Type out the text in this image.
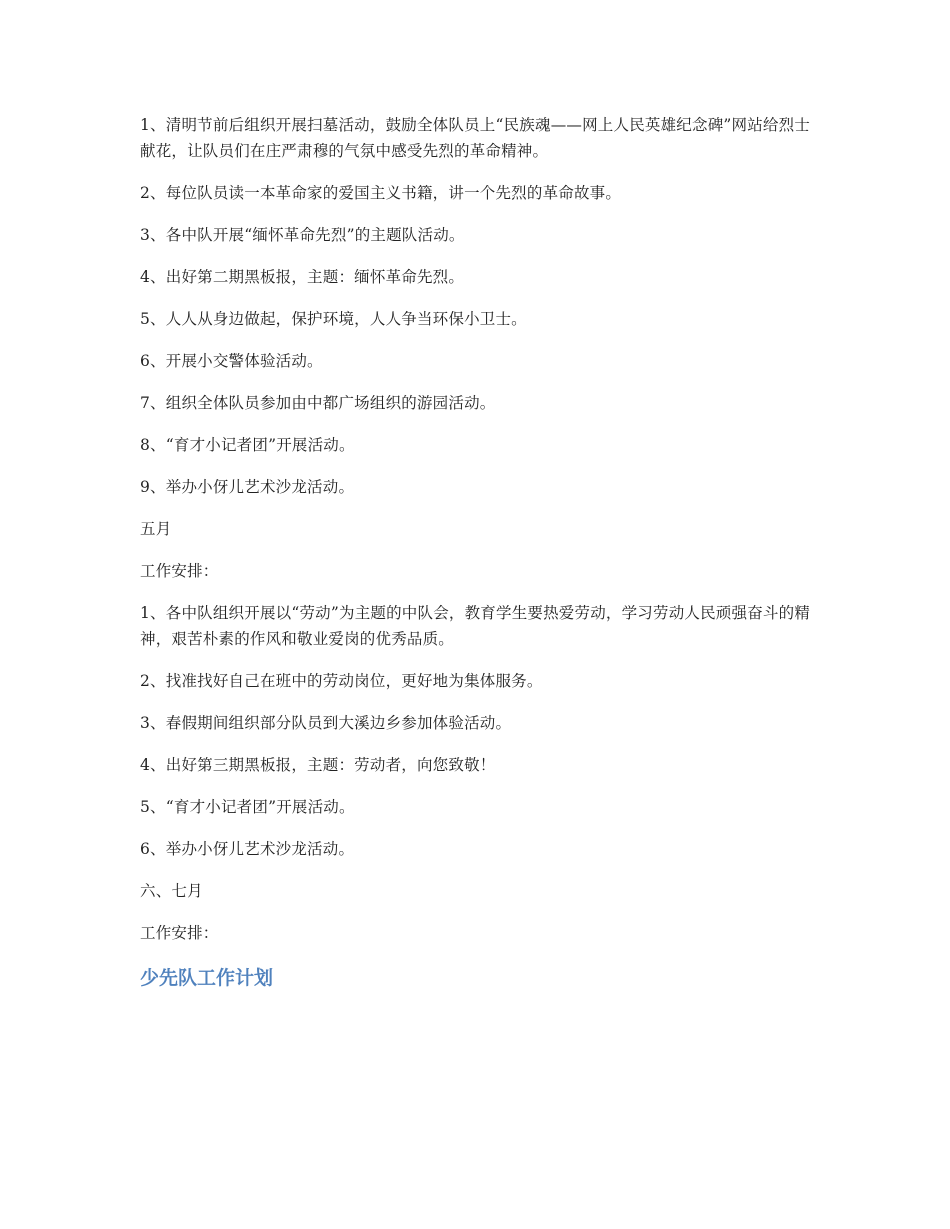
1、清明节前后组织开展扫墓活动，鼓励全体队员上“民族魂——网上人民英雄纪念碑”网站给烈士献花，让队员们在庄严肃穆的气氛中感受先烈的革命精神。

2、每位队员读一本革命家的爱国主义书籍，讲一个先烈的革命故事。

3、各中队开展“缅怀革命先烈”的主题队活动。

4、出好第二期黑板报，主题：缅怀革命先烈。

5、人人从身边做起，保护环境，人人争当环保小卫士。

6、开展小交警体验活动。

7、组织全体队员参加由中都广场组织的游园活动。

8、“育才小记者团”开展活动。

9、举办小伢儿艺术沙龙活动。

五月

工作安排：

1、各中队组织开展以“劳动”为主题的中队会，教育学生要热爱劳动，学习劳动人民顽强奋斗的精神，艰苦朴素的作风和敬业爱岗的优秀品质。

2、找准找好自己在班中的劳动岗位，更好地为集体服务。

3、春假期间组织部分队员到大溪边乡参加体验活动。

4、出好第三期黑板报，主题：劳动者，向您致敬！

5、“育才小记者团”开展活动。

6、举办小伢儿艺术沙龙活动。

六、七月

工作安排：

少先队工作计划
